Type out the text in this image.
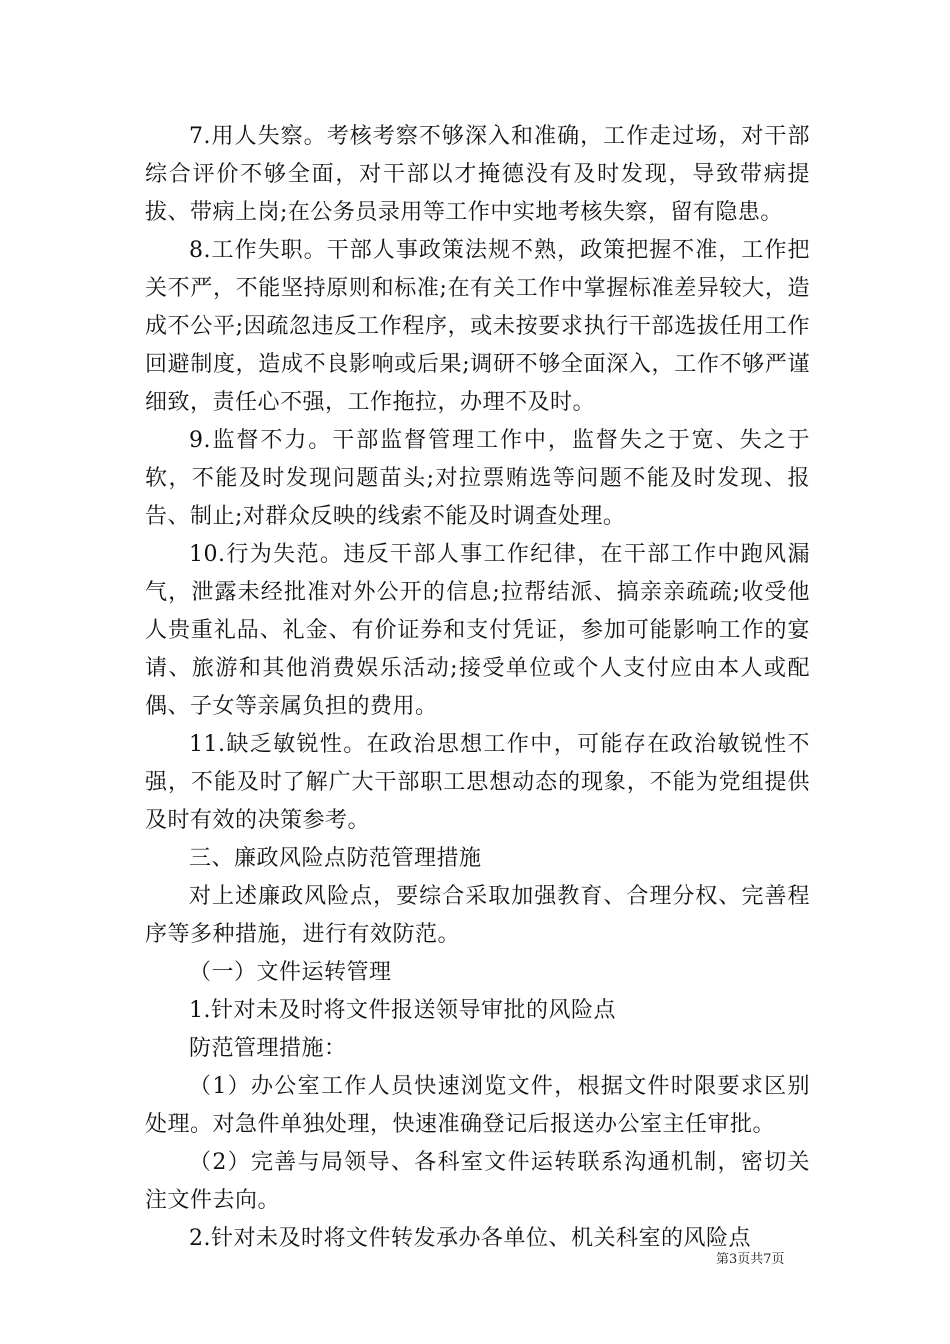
7.用人失察。考核考察不够深入和准确，工作走过场，对干部综合评价不够全面，对干部以才掩德没有及时发现，导致带病提拔、带病上岗;在公务员录用等工作中实地考核失察，留有隐患。

8.工作失职。干部人事政策法规不熟，政策把握不准，工作把关不严，不能坚持原则和标准;在有关工作中掌握标准差异较大，造成不公平;因疏忽违反工作程序，或未按要求执行干部选拔任用工作回避制度，造成不良影响或后果;调研不够全面深入，工作不够严谨细致，责任心不强，工作拖拉，办理不及时。

9.监督不力。干部监督管理工作中，监督失之于宽、失之于软，不能及时发现问题苗头;对拉票贿选等问题不能及时发现、报告、制止;对群众反映的线索不能及时调查处理。

10.行为失范。违反干部人事工作纪律，在干部工作中跑风漏气，泄露未经批准对外公开的信息;拉帮结派、搞亲亲疏疏;收受他人贵重礼品、礼金、有价证券和支付凭证，参加可能影响工作的宴请、旅游和其他消费娱乐活动;接受单位或个人支付应由本人或配偶、子女等亲属负担的费用。

11.缺乏敏锐性。在政治思想工作中，可能存在政治敏锐性不强，不能及时了解广大干部职工思想动态的现象，不能为党组提供及时有效的决策参考。

三、廉政风险点防范管理措施

对上述廉政风险点，要综合采取加强教育、合理分权、完善程序等多种措施，进行有效防范。

（一）文件运转管理

1.针对未及时将文件报送领导审批的风险点

防范管理措施：

（1）办公室工作人员快速浏览文件，根据文件时限要求区别处理。对急件单独处理，快速准确登记后报送办公室主任审批。

（2）完善与局领导、各科室文件运转联系沟通机制，密切关注文件去向。

2.针对未及时将文件转发承办各单位、机关科室的风险点

第3页共7页
